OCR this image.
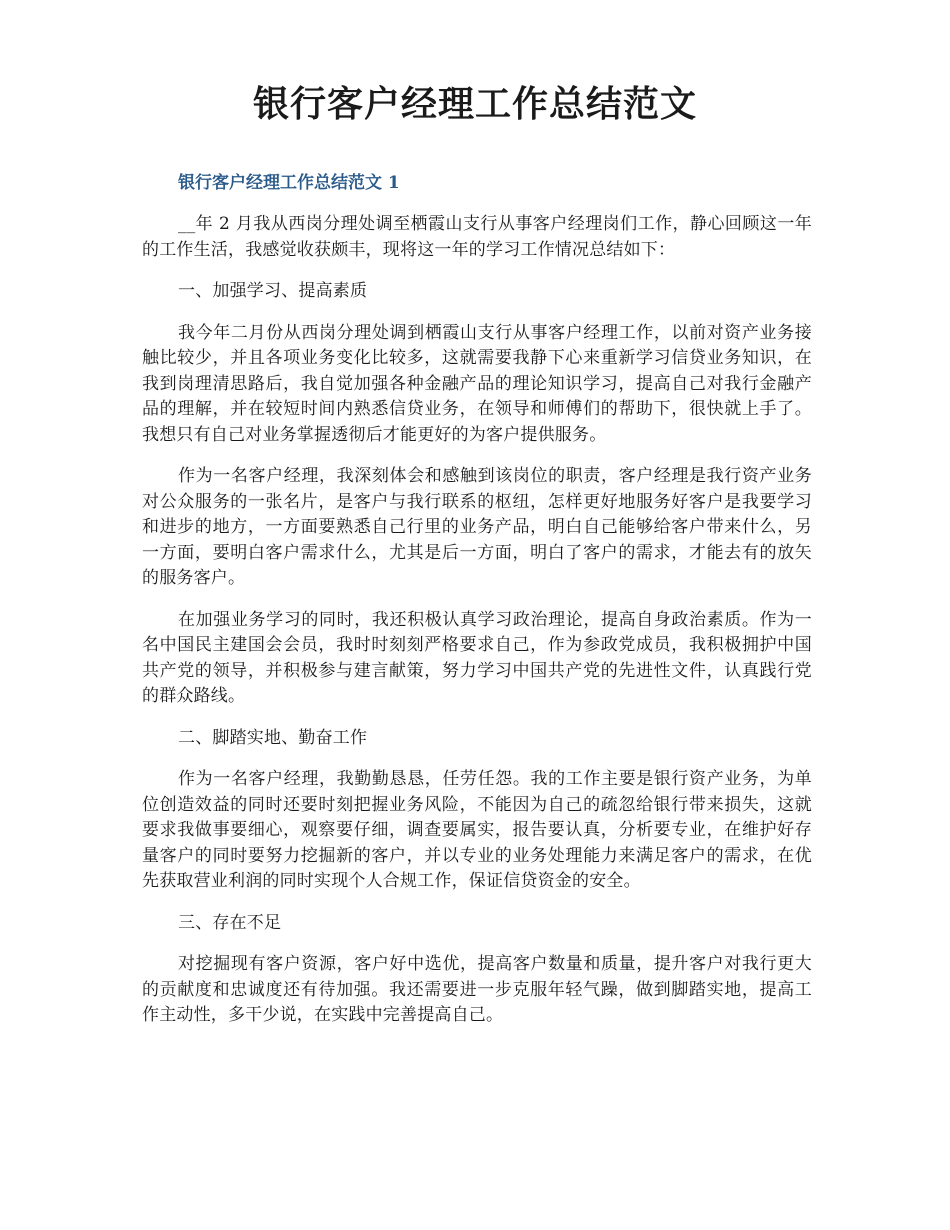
银行客户经理工作总结范文
银行客户经理工作总结范文 1

__年 2 月我从西岗分理处调至栖霞山支行从事客户经理岗们工作，静心回顾这一年的工作生活，我感觉收获颇丰，现将这一年的学习工作情况总结如下：

一、加强学习、提高素质

我今年二月份从西岗分理处调到栖霞山支行从事客户经理工作，以前对资产业务接触比较少，并且各项业务变化比较多，这就需要我静下心来重新学习信贷业务知识，在我到岗理清思路后，我自觉加强各种金融产品的理论知识学习，提高自己对我行金融产品的理解，并在较短时间内熟悉信贷业务，在领导和师傅们的帮助下，很快就上手了。我想只有自己对业务掌握透彻后才能更好的为客户提供服务。

作为一名客户经理，我深刻体会和感触到该岗位的职责，客户经理是我行资产业务对公众服务的一张名片，是客户与我行联系的枢纽，怎样更好地服务好客户是我要学习和进步的地方，一方面要熟悉自己行里的业务产品，明白自己能够给客户带来什么，另一方面，要明白客户需求什么，尤其是后一方面，明白了客户的需求，才能去有的放矢的服务客户。

在加强业务学习的同时，我还积极认真学习政治理论，提高自身政治素质。作为一名中国民主建国会会员，我时时刻刻严格要求自己，作为参政党成员，我积极拥护中国共产党的领导，并积极参与建言献策，努力学习中国共产党的先进性文件，认真践行党的群众路线。

二、脚踏实地、勤奋工作

作为一名客户经理，我勤勤恳恳，任劳任怨。我的工作主要是银行资产业务，为单位创造效益的同时还要时刻把握业务风险，不能因为自己的疏忽给银行带来损失，这就要求我做事要细心，观察要仔细，调查要属实，报告要认真，分析要专业，在维护好存量客户的同时要努力挖掘新的客户，并以专业的业务处理能力来满足客户的需求，在优先获取营业利润的同时实现个人合规工作，保证信贷资金的安全。

三、存在不足

对挖掘现有客户资源，客户好中选优，提高客户数量和质量，提升客户对我行更大的贡献度和忠诚度还有待加强。我还需要进一步克服年轻气躁，做到脚踏实地，提高工作主动性，多干少说，在实践中完善提高自己。
